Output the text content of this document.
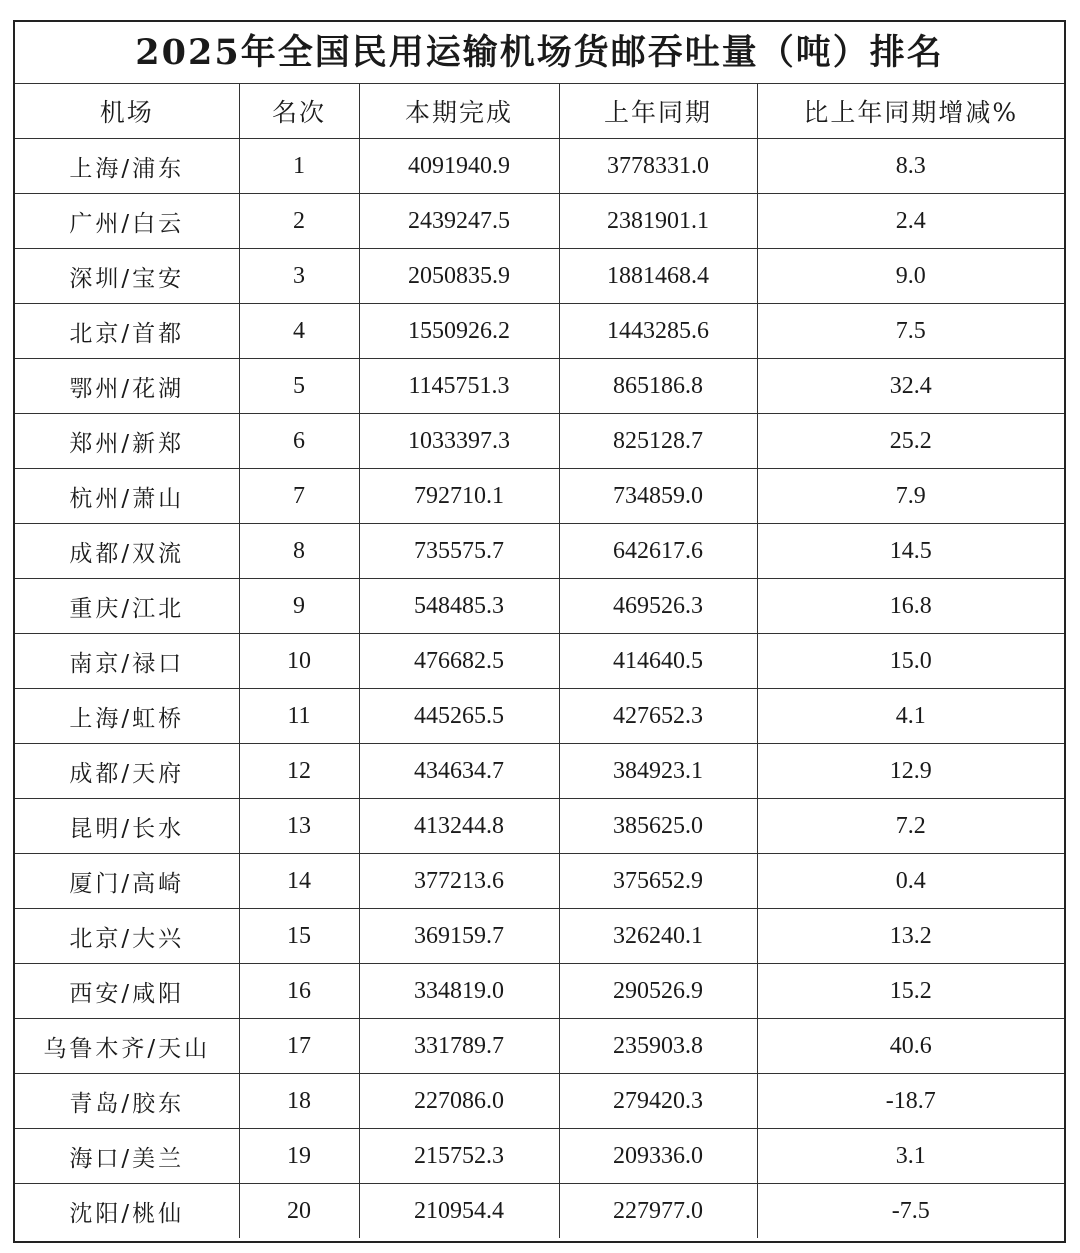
2025年全国民用运输机场货邮吞吐量（吨）排名
机场	名次	本期完成	上年同期	比上年同期增减%
上海/浦东	1	4091940.9	3778331.0	8.3
广州/白云	2	2439247.5	2381901.1	2.4
深圳/宝安	3	2050835.9	1881468.4	9.0
北京/首都	4	1550926.2	1443285.6	7.5
鄂州/花湖	5	1145751.3	865186.8	32.4
郑州/新郑	6	1033397.3	825128.7	25.2
杭州/萧山	7	792710.1	734859.0	7.9
成都/双流	8	735575.7	642617.6	14.5
重庆/江北	9	548485.3	469526.3	16.8
南京/禄口	10	476682.5	414640.5	15.0
上海/虹桥	11	445265.5	427652.3	4.1
成都/天府	12	434634.7	384923.1	12.9
昆明/长水	13	413244.8	385625.0	7.2
厦门/高崎	14	377213.6	375652.9	0.4
北京/大兴	15	369159.7	326240.1	13.2
西安/咸阳	16	334819.0	290526.9	15.2
乌鲁木齐/天山	17	331789.7	235903.8	40.6
青岛/胶东	18	227086.0	279420.3	-18.7
海口/美兰	19	215752.3	209336.0	3.1
沈阳/桃仙	20	210954.4	227977.0	-7.5
